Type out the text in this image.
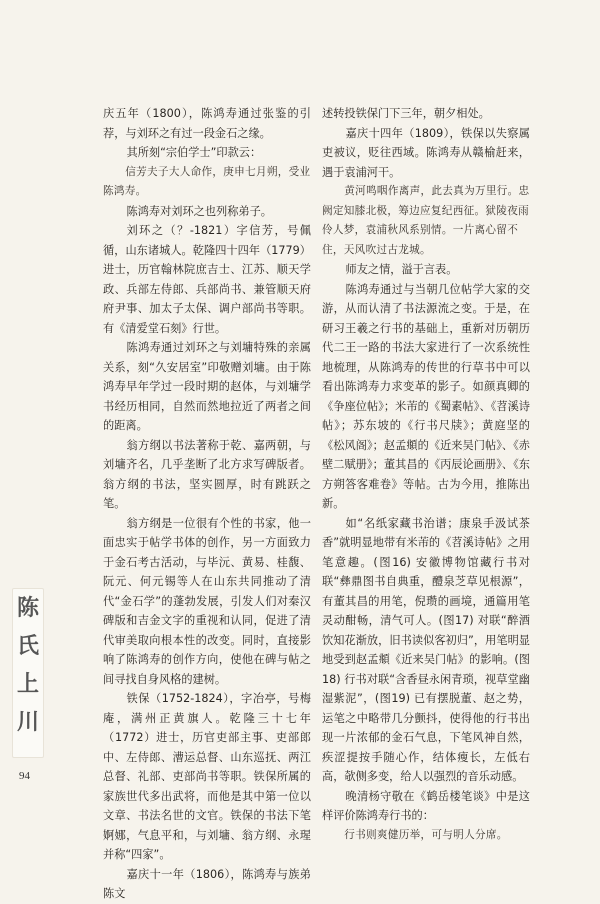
庆五年（1800），陈鸿寿通过张鉴的引荐，与刘环之有过一段金石之缘。

其所刻“宗伯学士”印款云：

信芳夫子大人命作，庚申七月朔，受业陈鸿寿。

陈鸿寿对刘环之也列称弟子。

刘环之（？-1821）字信芳，号佩循，山东诸城人。乾隆四十四年（1779）进士，历官翰林院庶吉士、江苏、顺天学政、兵部左侍郎、兵部尚书、兼管顺天府府尹事、加太子太保、调户部尚书等职。有《清爱堂石刻》行世。

陈鸿寿通过刘环之与刘墉特殊的亲属关系，刻“久安居室”印敬赠刘墉。由于陈鸿寿早年学过一段时期的赵体，与刘墉学书经历相同，自然而然地拉近了两者之间的距离。

翁方纲以书法著称于乾、嘉两朝，与刘墉齐名，几乎垄断了北方求写碑版者。翁方纲的书法，坚实圆厚，时有跳跃之笔。

翁方纲是一位很有个性的书家，他一面忠实于帖学书体的创作，另一方面致力于金石考古活动，与毕沅、黄易、桂馥、阮元、何元锡等人在山东共同推动了清代“金石学”的蓬勃发展，引发人们对秦汉碑版和吉金文字的重视和认同，促进了清代审美取向根本性的改变。同时，直接影响了陈鸿寿的创作方向，使他在碑与帖之间寻找自身风格的建树。

铁保（1752-1824），字冶亭，号梅庵，满州正黄旗人。乾隆三十七年（1772）进士，历官吏部主事、吏部郎中、左侍郎、漕运总督、山东巡抚、两江总督、礼部、吏部尚书等职。铁保所属的家族世代多出武将，而他是其中第一位以文章、书法名世的文官。铁保的书法下笔婀娜，气息平和，与刘墉、翁方纲、永瑆并称“四家”。

嘉庆十一年（1806），陈鸿寿与族弟陈文

述转投铁保门下三年，朝夕相处。

嘉庆十四年（1809），铁保以失察属吏被议，贬往西域。陈鸿寿从赣榆赶来，遇于袁浦河干。

黄河鸣咽作离声，此去真为万里行。忠阙定知膝北极，筹边应复纪西征。狱陵夜雨伶人梦，袁浦秋风系别情。一片离心留不住，天风吹过古龙城。

师友之情，溢于言表。

陈鸿寿通过与当朝几位帖学大家的交游，从而认清了书法源流之变。于是，在研习王羲之行书的基础上，重新对历朝历代二王一路的书法大家进行了一次系统性地梳理，从陈鸿寿的传世的行草书中可以看出陈鸿寿力求变革的影子。如颜真卿的《争座位帖》；米芾的《蜀素帖》、《苕溪诗帖》；苏东坡的《行书尺牍》；黄庭坚的《松风阁》；赵孟頫的《近来吴门帖》、《赤壁二赋册》；董其昌的《丙辰论画册》、《东方朔答客难卷》等帖。古为今用，推陈出新。

如“名纸家藏书治谱；康泉手汲试茶香”就明显地带有米芾的《苕溪诗帖》之用笔意趣。(图16) 安徽博物馆藏行书对联“彝鼎图书自典重，醴泉芝草见根源”，有董其昌的用笔，倪瓒的画境，通篇用笔灵动酣畅，清气可人。(图17) 对联“醉酒饮知花渐放，旧书读似客初归”，用笔明显地受到赵孟頫《近来吴门帖》的影响。(图18) 行书对联“含香昼永闲青琐，视草堂幽湿紫泥”，(图19) 已有摆脱董、赵之势，运笔之中略带几分颤抖，使得他的行书出现一片浓郁的金石气息，下笔风神自然，疾涩提按手随心作，结体瘦长，左低右高，欹侧多变，给人以强烈的音乐动感。

晚清杨守敬在《鹤岳楼笔谈》中是这样评价陈鸿寿行书的：

行书则爽健历举，可与明人分席。

陈
氏
上
川
94
